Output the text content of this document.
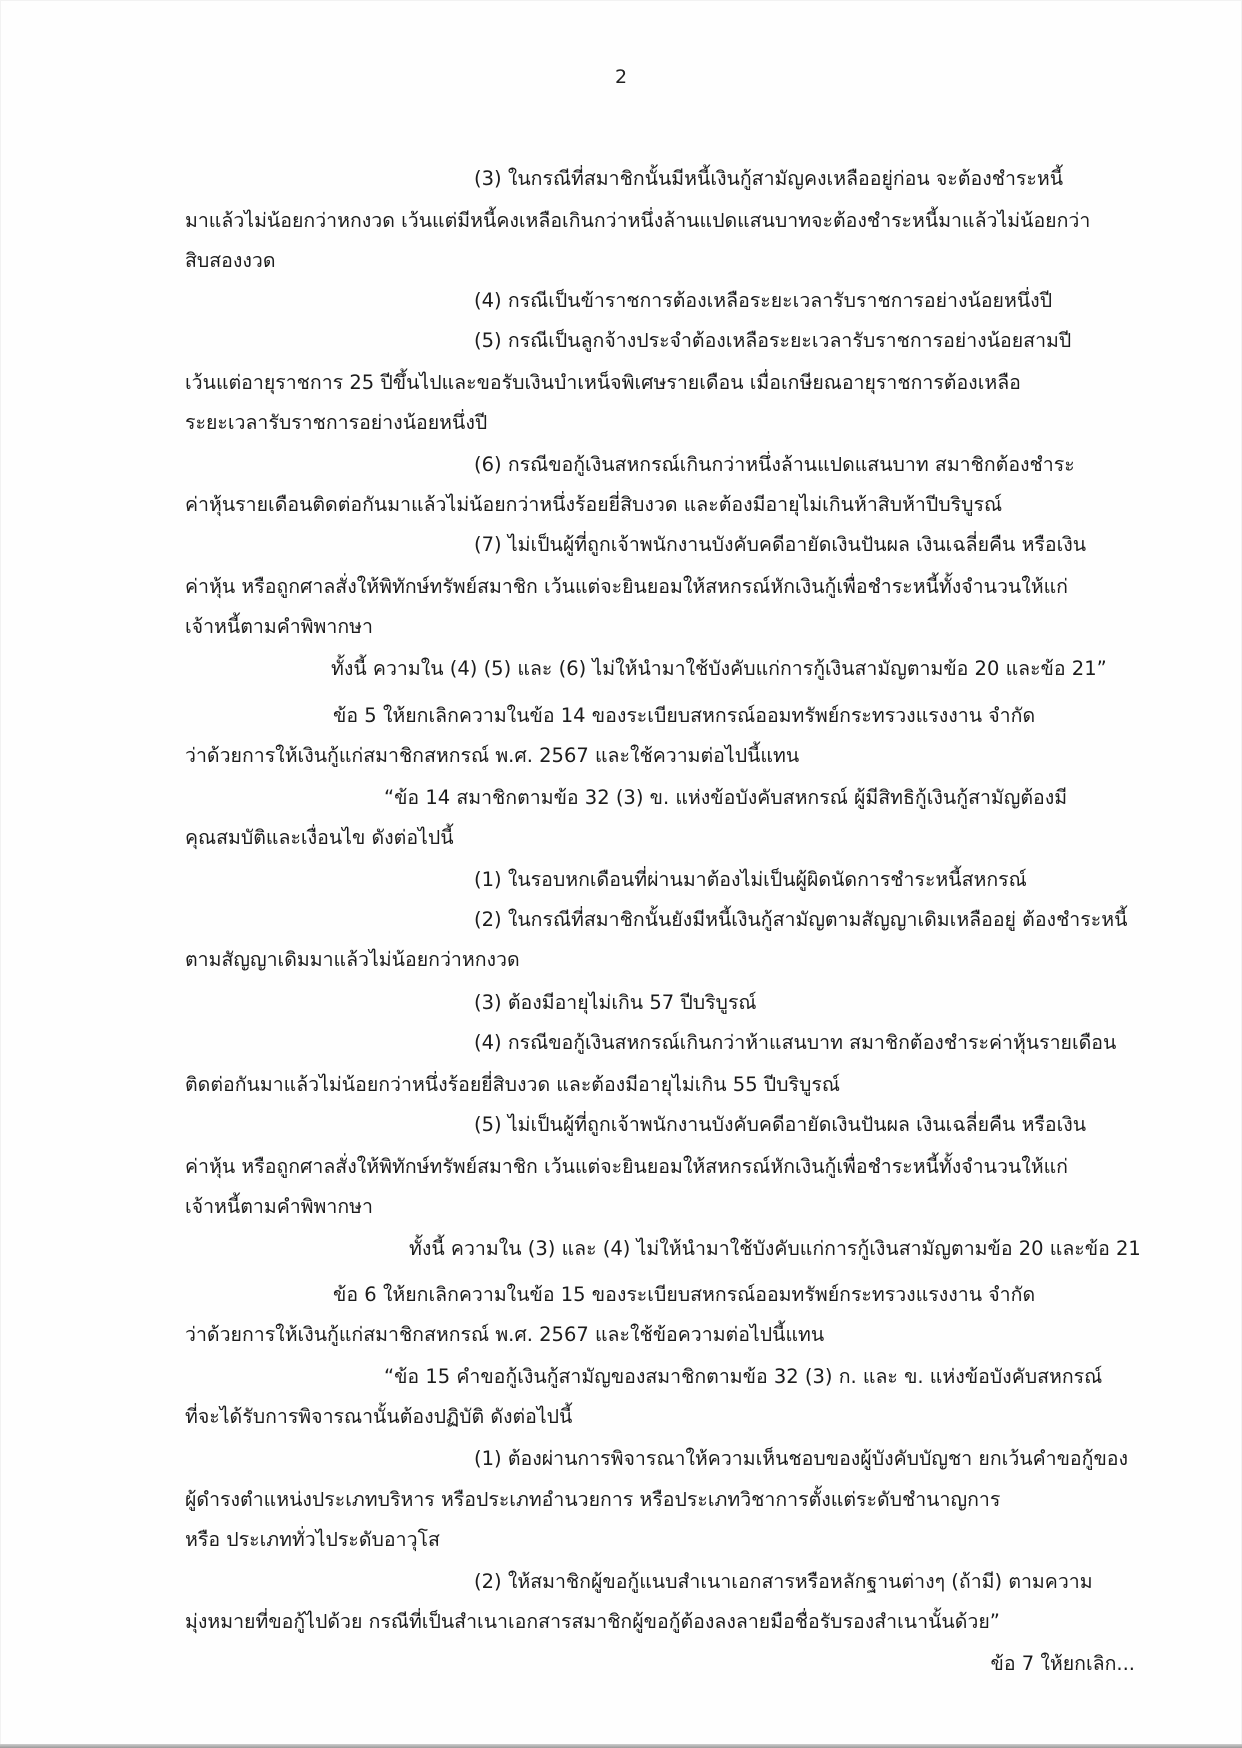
2
(3) ในกรณีที่สมาชิกนั้นมีหนี้เงินกู้สามัญคงเหลืออยู่ก่อน จะต้องชำระหนี้
มาแล้วไม่น้อยกว่าหกงวด เว้นแต่มีหนี้คงเหลือเกินกว่าหนึ่งล้านแปดแสนบาทจะต้องชำระหนี้มาแล้วไม่น้อยกว่า
สิบสองงวด
(4) กรณีเป็นข้าราชการต้องเหลือระยะเวลารับราชการอย่างน้อยหนึ่งปี
(5) กรณีเป็นลูกจ้างประจำต้องเหลือระยะเวลารับราชการอย่างน้อยสามปี
เว้นแต่อายุราชการ 25 ปีขึ้นไปและขอรับเงินบำเหน็จพิเศษรายเดือน เมื่อเกษียณอายุราชการต้องเหลือ
ระยะเวลารับราชการอย่างน้อยหนึ่งปี
(6) กรณีขอกู้เงินสหกรณ์เกินกว่าหนึ่งล้านแปดแสนบาท สมาชิกต้องชำระ
ค่าหุ้นรายเดือนติดต่อกันมาแล้วไม่น้อยกว่าหนึ่งร้อยยี่สิบงวด และต้องมีอายุไม่เกินห้าสิบห้าปีบริบูรณ์
(7) ไม่เป็นผู้ที่ถูกเจ้าพนักงานบังคับคดีอายัดเงินปันผล เงินเฉลี่ยคืน หรือเงิน
ค่าหุ้น หรือถูกศาลสั่งให้พิทักษ์ทรัพย์สมาชิก เว้นแต่จะยินยอมให้สหกรณ์หักเงินกู้เพื่อชำระหนี้ทั้งจำนวนให้แก่
เจ้าหนี้ตามคำพิพากษา
ทั้งนี้ ความใน (4) (5) และ (6) ไม่ให้นำมาใช้บังคับแก่การกู้เงินสามัญตามข้อ 20 และข้อ 21”
ข้อ 5 ให้ยกเลิกความในข้อ 14 ของระเบียบสหกรณ์ออมทรัพย์กระทรวงแรงงาน จำกัด
ว่าด้วยการให้เงินกู้แก่สมาชิกสหกรณ์ พ.ศ. 2567 และใช้ความต่อไปนี้แทน
“ข้อ 14 สมาชิกตามข้อ 32 (3) ข. แห่งข้อบังคับสหกรณ์ ผู้มีสิทธิกู้เงินกู้สามัญต้องมี
คุณสมบัติและเงื่อนไข ดังต่อไปนี้
(1) ในรอบหกเดือนที่ผ่านมาต้องไม่เป็นผู้ผิดนัดการชำระหนี้สหกรณ์
(2) ในกรณีที่สมาชิกนั้นยังมีหนี้เงินกู้สามัญตามสัญญาเดิมเหลืออยู่ ต้องชำระหนี้
ตามสัญญาเดิมมาแล้วไม่น้อยกว่าหกงวด
(3) ต้องมีอายุไม่เกิน 57 ปีบริบูรณ์
(4) กรณีขอกู้เงินสหกรณ์เกินกว่าห้าแสนบาท สมาชิกต้องชำระค่าหุ้นรายเดือน
ติดต่อกันมาแล้วไม่น้อยกว่าหนึ่งร้อยยี่สิบงวด และต้องมีอายุไม่เกิน 55 ปีบริบูรณ์
(5) ไม่เป็นผู้ที่ถูกเจ้าพนักงานบังคับคดีอายัดเงินปันผล เงินเฉลี่ยคืน หรือเงิน
ค่าหุ้น หรือถูกศาลสั่งให้พิทักษ์ทรัพย์สมาชิก เว้นแต่จะยินยอมให้สหกรณ์หักเงินกู้เพื่อชำระหนี้ทั้งจำนวนให้แก่
เจ้าหนี้ตามคำพิพากษา
ทั้งนี้ ความใน (3) และ (4) ไม่ให้นำมาใช้บังคับแก่การกู้เงินสามัญตามข้อ 20 และข้อ 21
ข้อ 6 ให้ยกเลิกความในข้อ 15 ของระเบียบสหกรณ์ออมทรัพย์กระทรวงแรงงาน จำกัด
ว่าด้วยการให้เงินกู้แก่สมาชิกสหกรณ์ พ.ศ. 2567 และใช้ข้อความต่อไปนี้แทน
“ข้อ 15 คำขอกู้เงินกู้สามัญของสมาชิกตามข้อ 32 (3) ก. และ ข. แห่งข้อบังคับสหกรณ์
ที่จะได้รับการพิจารณานั้นต้องปฏิบัติ ดังต่อไปนี้
(1) ต้องผ่านการพิจารณาให้ความเห็นชอบของผู้บังคับบัญชา ยกเว้นคำขอกู้ของ
ผู้ดำรงตำแหน่งประเภทบริหาร หรือประเภทอำนวยการ หรือประเภทวิชาการตั้งแต่ระดับชำนาญการ
หรือ ประเภททั่วไประดับอาวุโส
(2) ให้สมาชิกผู้ขอกู้แนบสำเนาเอกสารหรือหลักฐานต่างๆ (ถ้ามี) ตามความ
มุ่งหมายที่ขอกู้ไปด้วย กรณีที่เป็นสำเนาเอกสารสมาชิกผู้ขอกู้ต้องลงลายมือชื่อรับรองสำเนานั้นด้วย”
ข้อ 7 ให้ยกเลิก...
